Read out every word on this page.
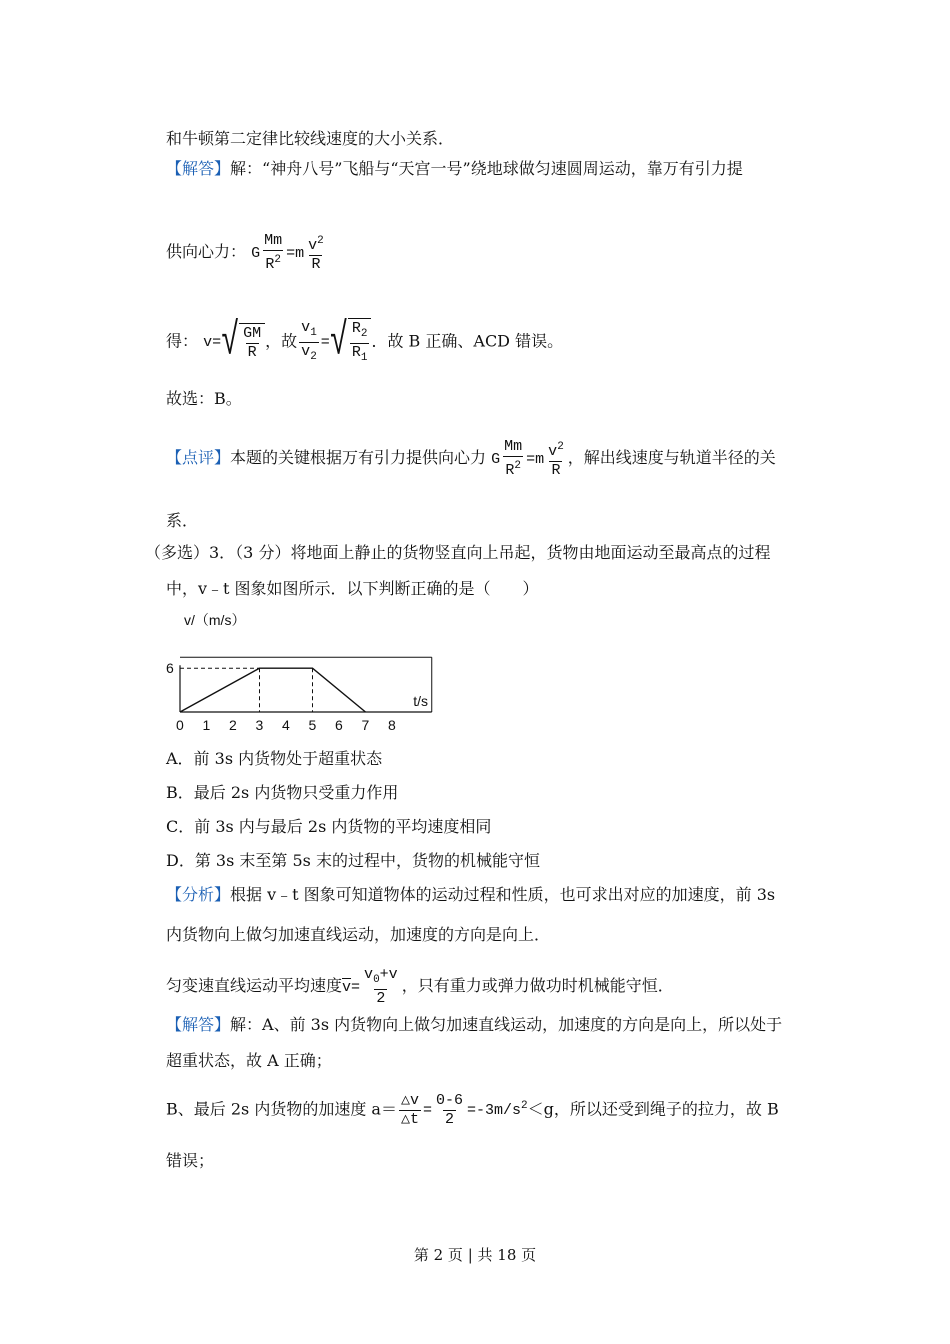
和牛顿第二定律比较线速度的大小关系．
【解答】解：“神舟八号”飞船与“天宫一号”绕地球做匀速圆周运动，靠万有引力提
供向心力： G $\frac{Mm}{R^2} =m \frac{v^2}{R}$
得： v= √ $\frac{GM}{R}$ ，故 $\frac{v_1}{v_2}$ = √ $\frac{R_2}{R_1}$ ．故 B 正确、ACD 错误。
故选：B。
【点评】本题的关键根据万有引力提供向心力 G $\frac{Mm}{R^2} =m \frac{v^2}{R}$ ，解出线速度与轨道半径的关
系．
（多选）3．（3 分）将地面上静止的货物竖直向上吊起，货物由地面运动至最高点的过程
中，v﹣t 图象如图所示．以下判断正确的是（　　）
0 1 2 3 4 5 6 7 8
6
v/（m/s）
t/s
A．前 3s 内货物处于超重状态
B．最后 2s 内货物只受重力作用
C．前 3s 内与最后 2s 内货物的平均速度相同
D．第 3s 末至第 5s 末的过程中，货物的机械能守恒
【分析】根据 v﹣t 图象可知道物体的运动过程和性质，也可求出对应的加速度，前 3s
内货物向上做匀加速直线运动，加速度的方向是向上．
匀变速直线运动平均速度$\overline{v}= \frac{v_0+v}{2}$ ，只有重力或弹力做功时机械能守恒．
【解答】解：A、前 3s 内货物向上做匀加速直线运动，加速度的方向是向上，所以处于
超重状态，故 A 正确；
B、最后 2s 内货物的加速度 $a= \frac{\triangle v}{\triangle t} = \frac{0-6}{2} =-3m/s^2<g$，所以还受到绳子的拉力，故 B
错误；
第 2 页 | 共 18 页
